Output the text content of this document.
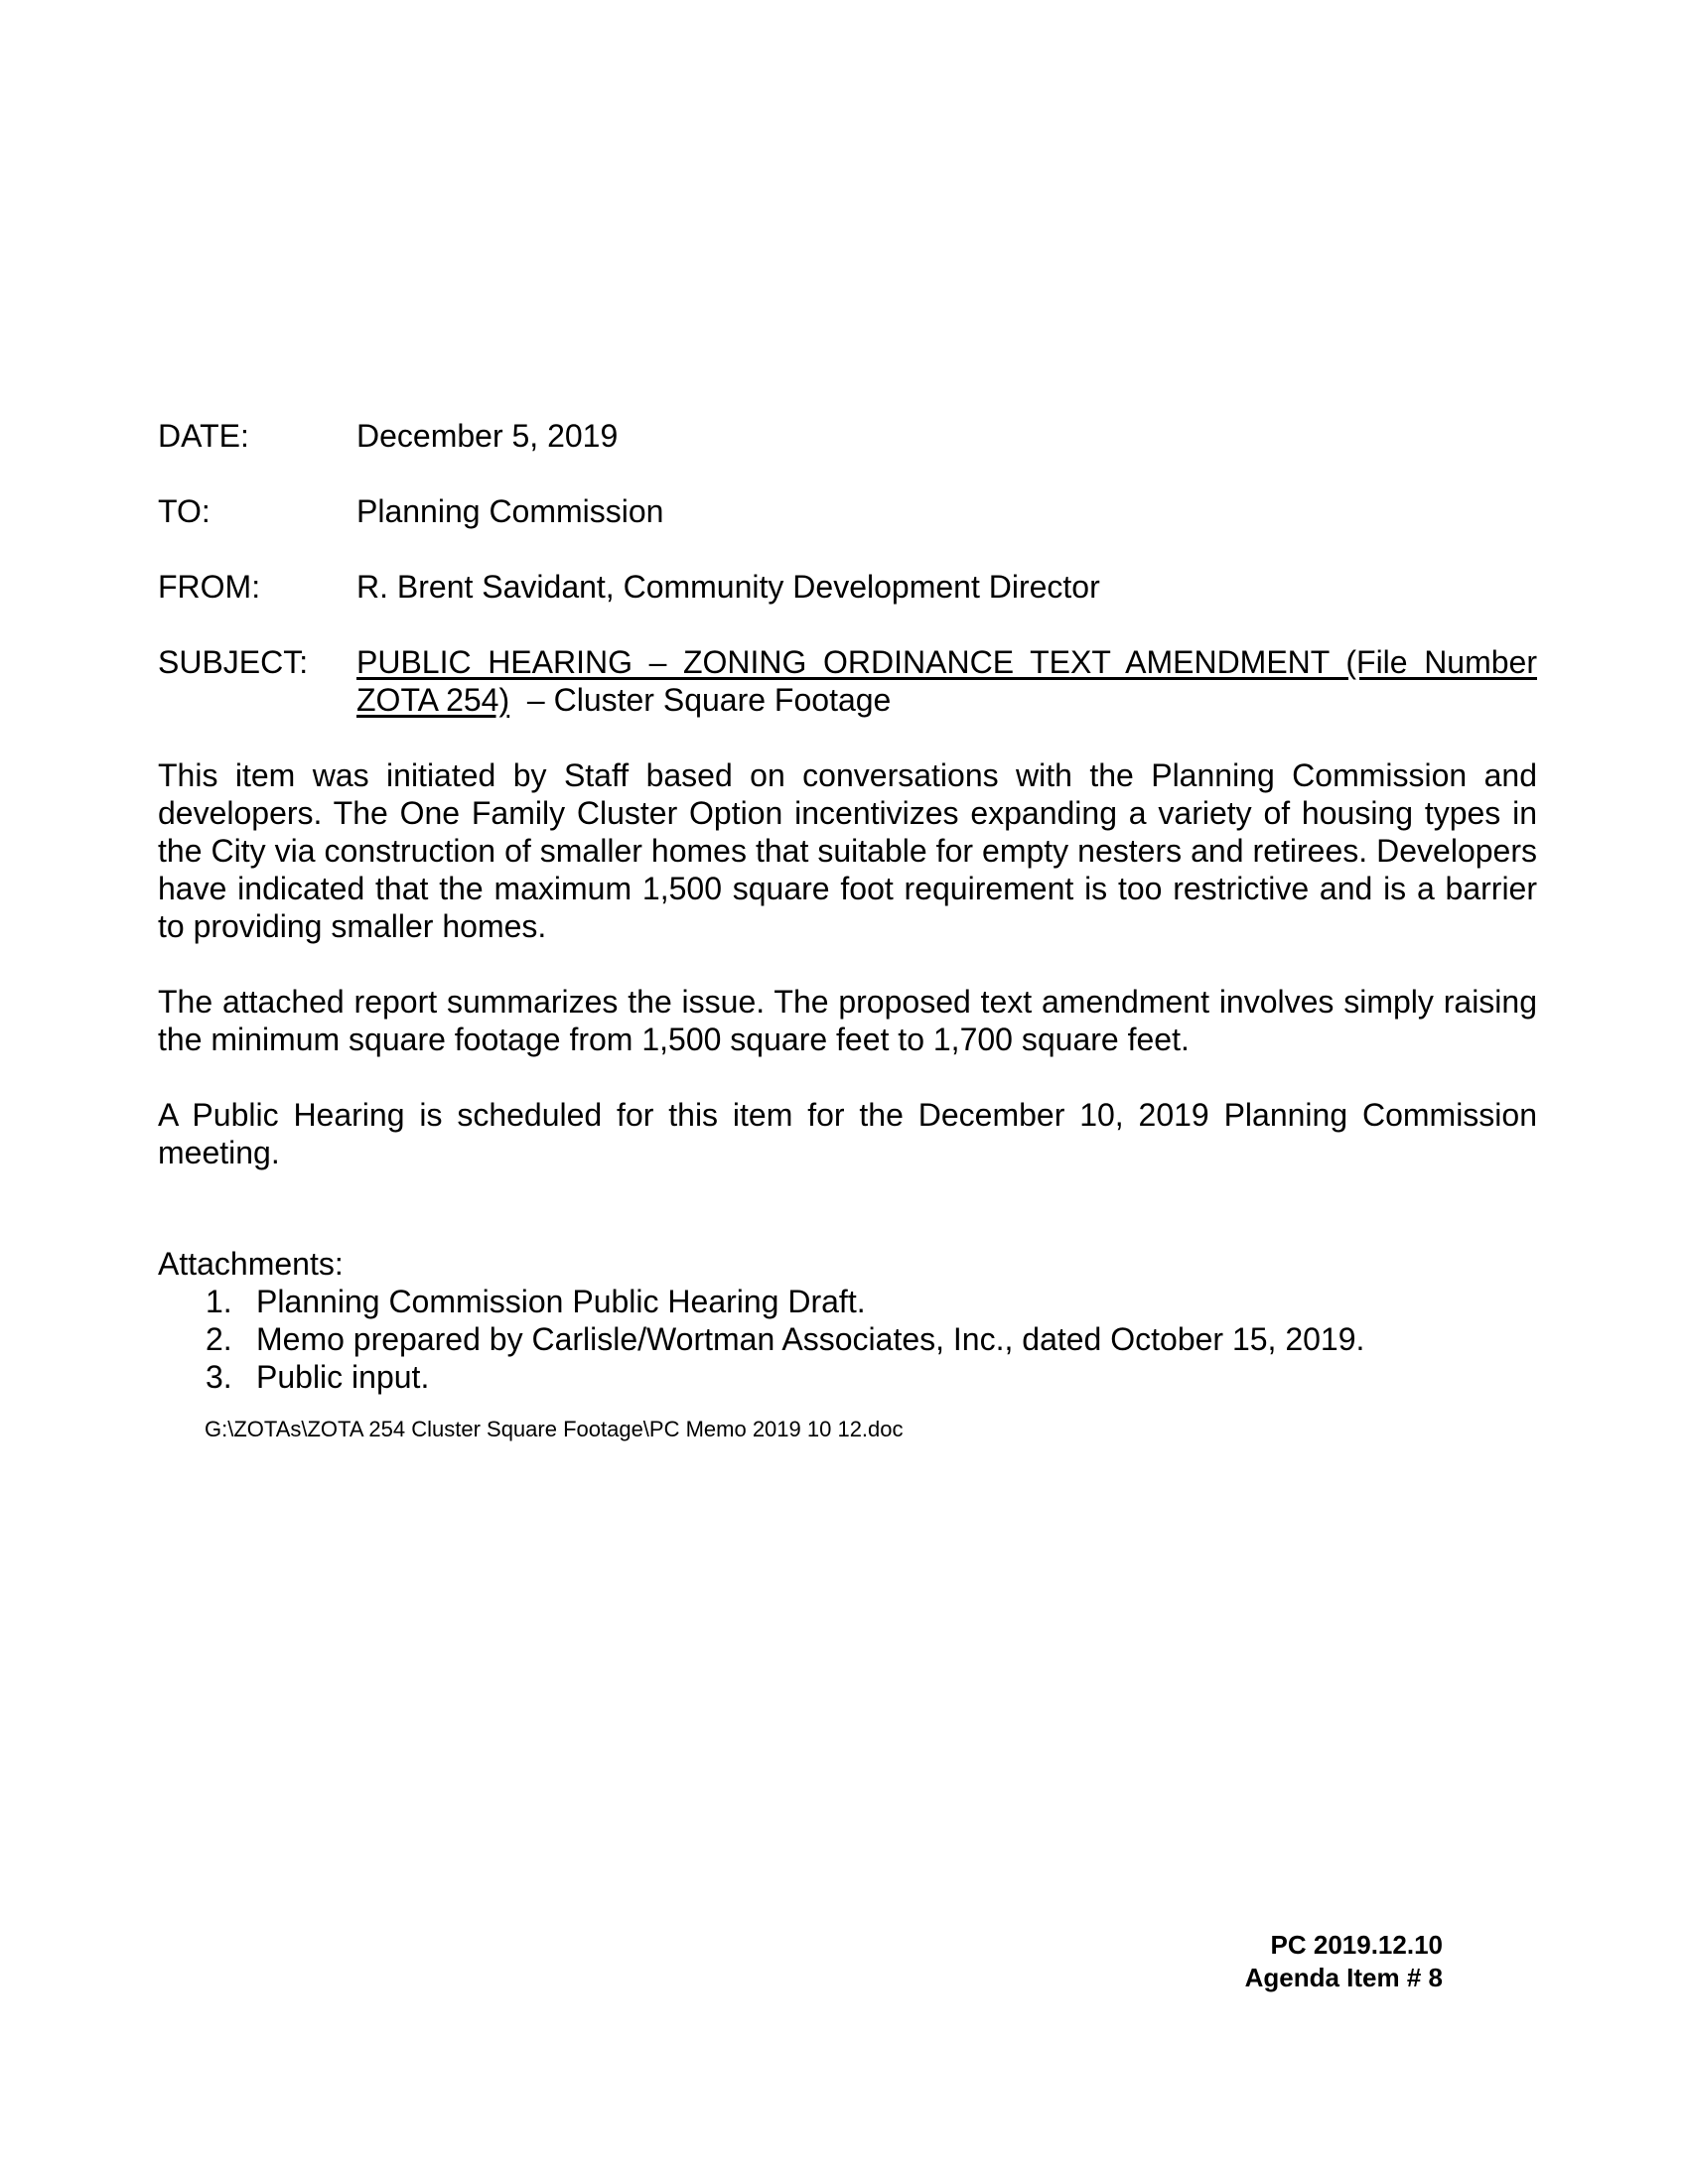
DATE:	December 5, 2019
TO:	Planning Commission
FROM:	R. Brent Savidant, Community Development Director
SUBJECT:	PUBLIC HEARING – ZONING ORDINANCE TEXT AMENDMENT (File Number ZOTA 254)  – Cluster Square Footage

This item was initiated by Staff based on conversations with the Planning Commission and developers. The One Family Cluster Option incentivizes expanding a variety of housing types in the City via construction of smaller homes that suitable for empty nesters and retirees. Developers have indicated that the maximum 1,500 square foot requirement is too restrictive and is a barrier to providing smaller homes.

The attached report summarizes the issue. The proposed text amendment involves simply raising the minimum square footage from 1,500 square feet to 1,700 square feet.

A Public Hearing is scheduled for this item for the December 10, 2019 Planning Commission meeting.

Attachments:

1. Planning Commission Public Hearing Draft.
2. Memo prepared by Carlisle/Wortman Associates, Inc., dated October 15, 2019.
3. Public input.
G:\ZOTAs\ZOTA 254 Cluster Square Footage\PC Memo 2019 10 12.doc
PC 2019.12.10
Agenda Item # 8
